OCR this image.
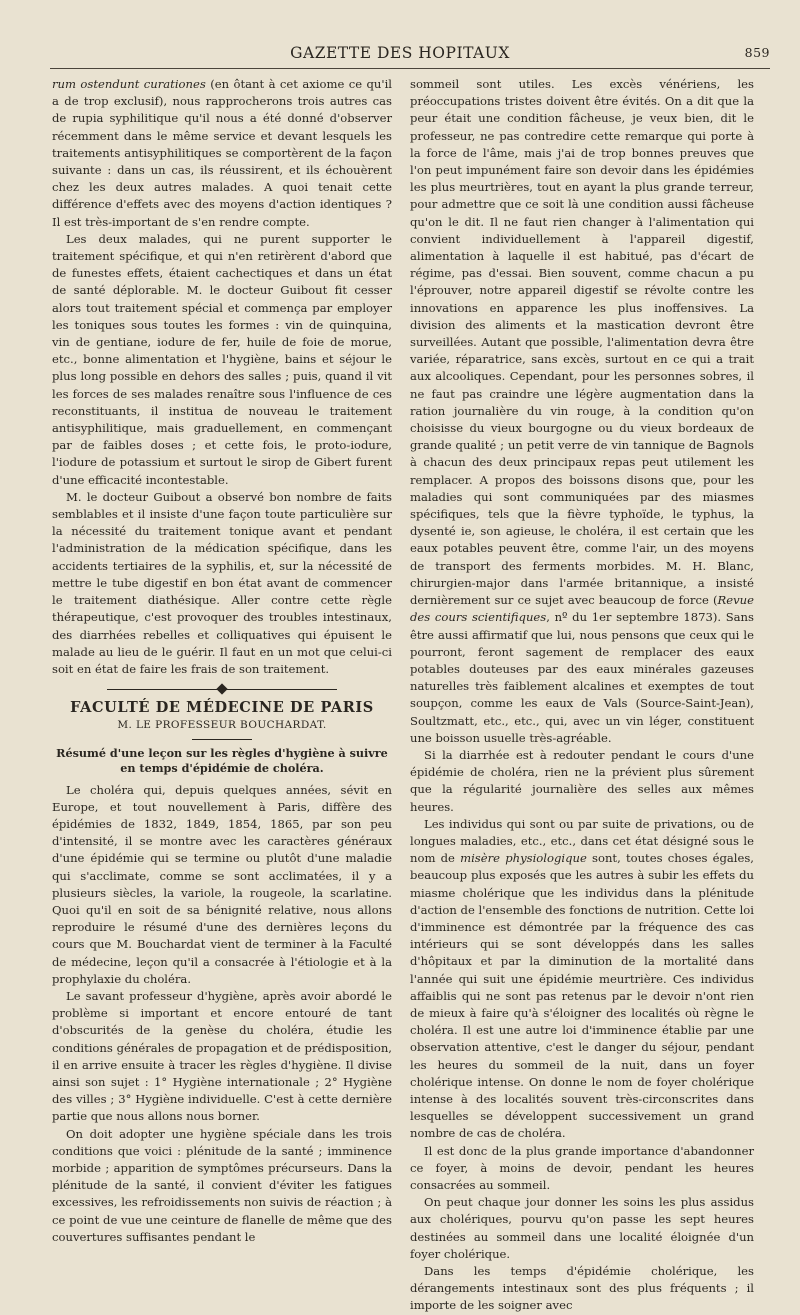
GAZETTE DES HOPITAUX	859

rum ostendunt curationes (en ôtant à cet axiome ce qu'il a de trop exclusif), nous rapprocherons trois autres cas de rupia syphilitique qu'il nous a été donné d'observer récemment dans le même service et devant lesquels les traitements antisyphilitiques se comportèrent de la façon suivante : dans un cas, ils réussirent, et ils échouèrent chez les deux autres malades. A quoi tenait cette différence d'effets avec des moyens d'action identiques ? Il est très-important de s'en rendre compte.

Les deux malades, qui ne purent supporter le traitement spécifique, et qui n'en retirèrent d'abord que de funestes effets, étaient cachectiques et dans un état de santé déplorable. M. le docteur Guibout fit cesser alors tout traitement spécial et commença par employer les toniques sous toutes les formes : vin de quinquina, vin de gentiane, iodure de fer, huile de foie de morue, etc., bonne alimentation et l'hygiène, bains et séjour le plus long possible en dehors des salles ; puis, quand il vit les forces de ses malades renaître sous l'influence de ces reconstituants, il institua de nouveau le traitement antisyphilitique, mais graduellement, en commençant par de faibles doses ; et cette fois, le proto-iodure, l'iodure de potassium et surtout le sirop de Gibert furent d'une efficacité incontestable.

M. le docteur Guibout a observé bon nombre de faits semblables et il insiste d'une façon toute particulière sur la nécessité du traitement tonique avant et pendant l'administration de la médication spécifique, dans les accidents tertiaires de la syphilis, et, sur la nécessité de mettre le tube digestif en bon état avant de commencer le traitement diathésique. Aller contre cette règle thérapeutique, c'est provoquer des troubles intestinaux, des diarrhées rebelles et colliquatives qui épuisent le malade au lieu de le guérir. Il faut en un mot que celui-ci soit en état de faire les frais de son traitement.

FACULTÉ DE MÉDECINE DE PARIS
M. LE PROFESSEUR BOUCHARDAT.
Résumé d'une leçon sur les règles d'hygiène à suivre en temps d'épidémie de choléra.

Le choléra qui, depuis quelques années, sévit en Europe, et tout nouvellement à Paris, diffère des épidémies de 1832, 1849, 1854, 1865, par son peu d'intensité, il se montre avec les caractères généraux d'une épidémie qui se termine ou plutôt d'une maladie qui s'acclimate, comme se sont acclimatées, il y a plusieurs siècles, la variole, la rougeole, la scarlatine. Quoi qu'il en soit de sa bénignité relative, nous allons reproduire le résumé d'une des dernières leçons du cours que M. Bouchardat vient de terminer à la Faculté de médecine, leçon qu'il a consacrée à l'étiologie et à la prophylaxie du choléra.

Le savant professeur d'hygiène, après avoir abordé le problème si important et encore entouré de tant d'obscurités de la genèse du choléra, étudie les conditions générales de propagation et de prédisposition, il en arrive ensuite à tracer les règles d'hygiène. Il divise ainsi son sujet : 1° Hygiène internationale ; 2° Hygiène des villes ; 3° Hygiène individuelle. C'est à cette dernière partie que nous allons nous borner.

On doit adopter une hygiène spéciale dans les trois conditions que voici : plénitude de la santé ; imminence morbide ; apparition de symptômes précurseurs. Dans la plénitude de la santé, il convient d'éviter les fatigues excessives, les refroidissements non suivis de réaction ; à ce point de vue une ceinture de flanelle de même que des couvertures suffisantes pendant le

sommeil sont utiles. Les excès vénériens, les préoccupations tristes doivent être évités. On a dit que la peur était une condition fâcheuse, je veux bien, dit le professeur, ne pas contredire cette remarque qui porte à la force de l'âme, mais j'ai de trop bonnes preuves que l'on peut impunément faire son devoir dans les épidémies les plus meurtrières, tout en ayant la plus grande terreur, pour admettre que ce soit là une condition aussi fâcheuse qu'on le dit. Il ne faut rien changer à l'alimentation qui convient individuellement à l'appareil digestif, alimentation à laquelle il est habitué, pas d'écart de régime, pas d'essai. Bien souvent, comme chacun a pu l'éprouver, notre appareil digestif se révolte contre les innovations en apparence les plus inoffensives. La division des aliments et la mastication devront être surveillées. Autant que possible, l'alimentation devra être variée, réparatrice, sans excès, surtout en ce qui a trait aux alcooliques. Cependant, pour les personnes sobres, il ne faut pas craindre une légère augmentation dans la ration journalière du vin rouge, à la condition qu'on choisisse du vieux bourgogne ou du vieux bordeaux de grande qualité ; un petit verre de vin tannique de Bagnols à chacun des deux principaux repas peut utilement les remplacer. A propos des boissons disons que, pour les maladies qui sont communiquées par des miasmes spécifiques, tels que la fièvre typhoïde, le typhus, la dysenté ie, son agieuse, le choléra, il est certain que les eaux potables peuvent être, comme l'air, un des moyens de transport des ferments morbides. M. H. Blanc, chirurgien-major dans l'armée britannique, a insisté dernièrement sur ce sujet avec beaucoup de force (Revue des cours scientifiques, nº du 1er septembre 1873). Sans être aussi affirmatif que lui, nous pensons que ceux qui le pourront, feront sagement de remplacer des eaux potables douteuses par des eaux minérales gazeuses naturelles très faiblement alcalines et exemptes de tout soupçon, comme les eaux de Vals (Source-Saint-Jean), Soultzmatt, etc., etc., qui, avec un vin léger, constituent une boisson usuelle très-agréable.

Si la diarrhée est à redouter pendant le cours d'une épidémie de choléra, rien ne la prévient plus sûrement que la régularité journalière des selles aux mêmes heures.

Les individus qui sont ou par suite de privations, ou de longues maladies, etc., etc., dans cet état désigné sous le nom de misère physiologique sont, toutes choses égales, beaucoup plus exposés que les autres à subir les effets du miasme cholérique que les individus dans la plénitude d'action de l'ensemble des fonctions de nutrition. Cette loi d'imminence est démontrée par la fréquence des cas intérieurs qui se sont développés dans les salles d'hôpitaux et par la diminution de la mortalité dans l'année qui suit une épidémie meurtrière. Ces individus affaiblis qui ne sont pas retenus par le devoir n'ont rien de mieux à faire qu'à s'éloigner des localités où règne le choléra. Il est une autre loi d'imminence établie par une observation attentive, c'est le danger du séjour, pendant les heures du sommeil de la nuit, dans un foyer cholérique intense. On donne le nom de foyer cholérique intense à des localités souvent très-circonscrites dans lesquelles se développent successivement un grand nombre de cas de choléra.

Il est donc de la plus grande importance d'abandonner ce foyer, à moins de devoir, pendant les heures consacrées au sommeil.

On peut chaque jour donner les soins les plus assidus aux cholériques, pourvu qu'on passe les sept heures destinées au sommeil dans une localité éloignée d'un foyer cholérique.

Dans les temps d'épidémie cholérique, les dérangements intestinaux sont des plus fréquents ; il importe de les soigner avec
